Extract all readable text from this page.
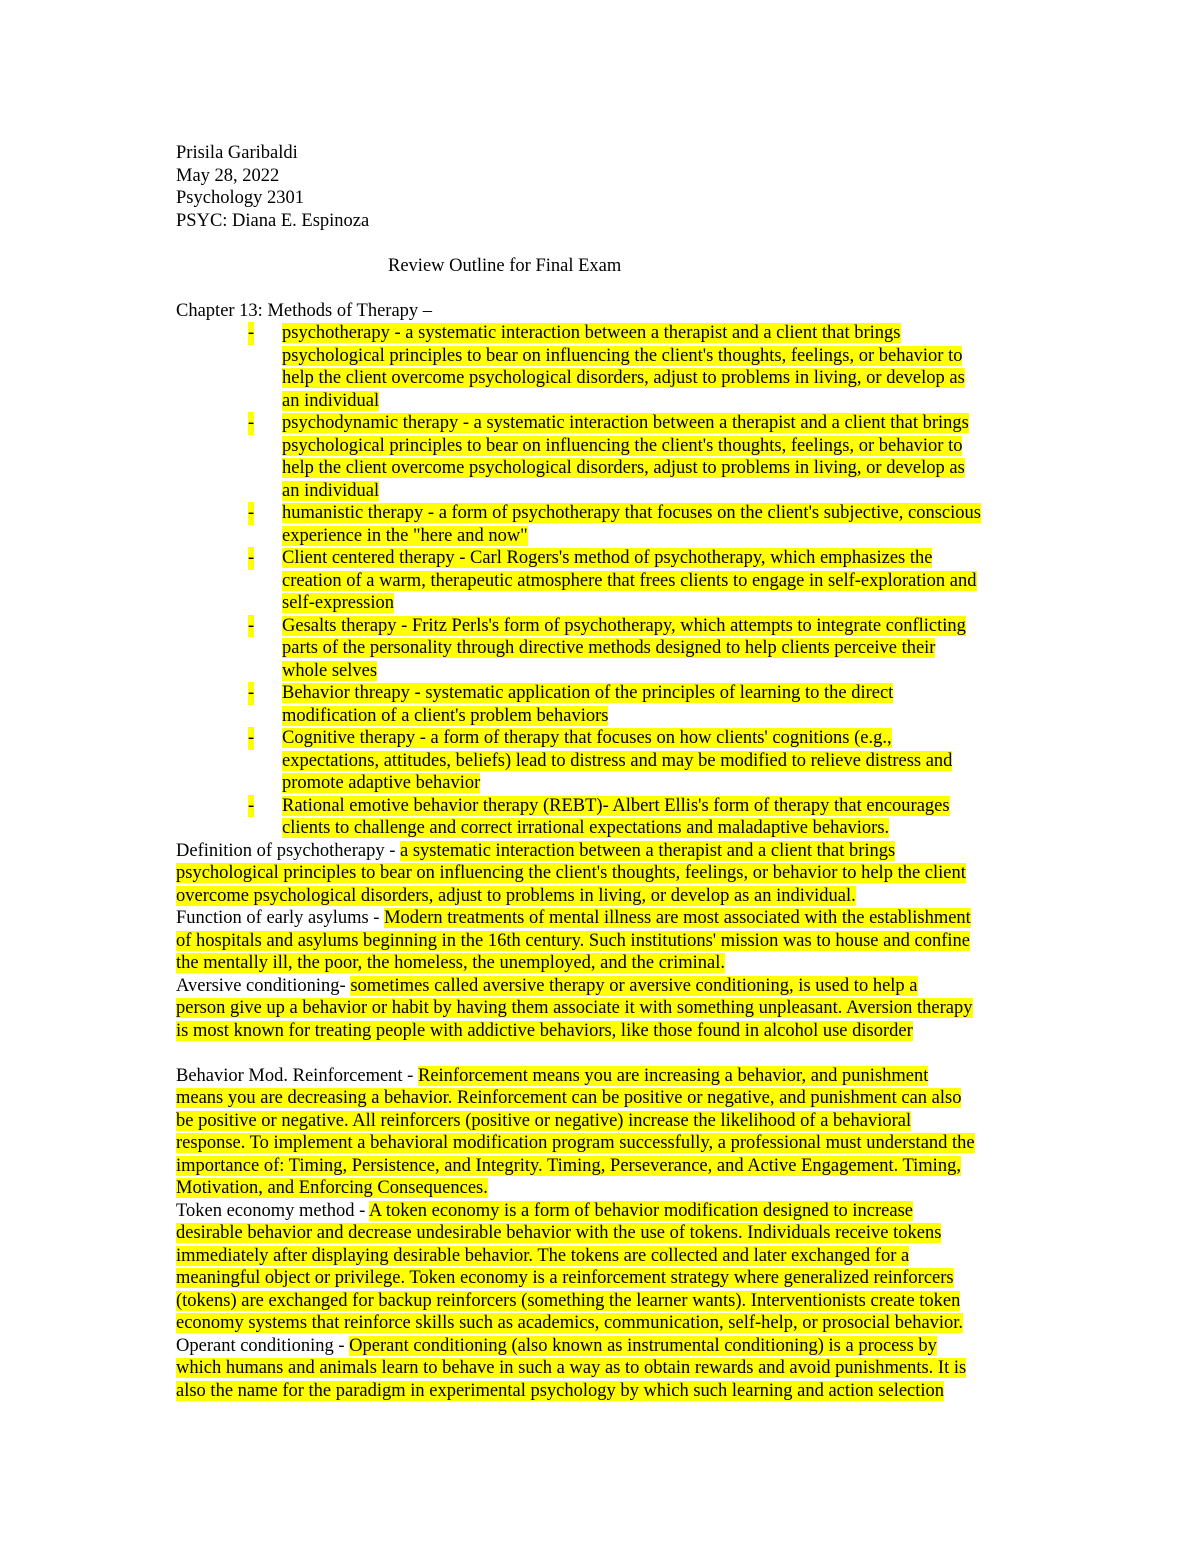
Prisila Garibaldi

May 28, 2022

Psychology 2301

PSYC: Diana E. Espinoza

Review Outline for Final Exam

Chapter 13: Methods of Therapy –

- psychotherapy - a systematic interaction between a therapist and a client that brings
psychological principles to bear on influencing the client's thoughts, feelings, or behavior to
help the client overcome psychological disorders, adjust to problems in living, or develop as
an individual
- psychodynamic therapy - a systematic interaction between a therapist and a client that brings
psychological principles to bear on influencing the client's thoughts, feelings, or behavior to
help the client overcome psychological disorders, adjust to problems in living, or develop as
an individual
- humanistic therapy - a form of psychotherapy that focuses on the client's subjective, conscious
experience in the "here and now"
- Client centered therapy - Carl Rogers's method of psychotherapy, which emphasizes the
creation of a warm, therapeutic atmosphere that frees clients to engage in self-exploration and
self-expression
- Gesalts therapy - Fritz Perls's form of psychotherapy, which attempts to integrate conflicting
parts of the personality through directive methods designed to help clients perceive their
whole selves
- Behavior threapy - systematic application of the principles of learning to the direct
modification of a client's problem behaviors
- Cognitive therapy - a form of therapy that focuses on how clients' cognitions (e.g.,
expectations, attitudes, beliefs) lead to distress and may be modified to relieve distress and
promote adaptive behavior
- Rational emotive behavior therapy (REBT)- Albert Ellis's form of therapy that encourages
clients to challenge and correct irrational expectations and maladaptive behaviors.
Definition of psychotherapy - a systematic interaction between a therapist and a client that brings
psychological principles to bear on influencing the client's thoughts, feelings, or behavior to help the client
overcome psychological disorders, adjust to problems in living, or develop as an individual.
Function of early asylums - Modern treatments of mental illness are most associated with the establishment
of hospitals and asylums beginning in the 16th century. Such institutions' mission was to house and confine
the mentally ill, the poor, the homeless, the unemployed, and the criminal.
Aversive conditioning- sometimes called aversive therapy or aversive conditioning, is used to help a
person give up a behavior or habit by having them associate it with something unpleasant. Aversion therapy
is most known for treating people with addictive behaviors, like those found in alcohol use disorder
Behavior Mod. Reinforcement - Reinforcement means you are increasing a behavior, and punishment
means you are decreasing a behavior. Reinforcement can be positive or negative, and punishment can also
be positive or negative. All reinforcers (positive or negative) increase the likelihood of a behavioral
response. To implement a behavioral modification program successfully, a professional must understand the
importance of: Timing, Persistence, and Integrity. Timing, Perseverance, and Active Engagement. Timing,
Motivation, and Enforcing Consequences.
Token economy method - A token economy is a form of behavior modification designed to increase
desirable behavior and decrease undesirable behavior with the use of tokens. Individuals receive tokens
immediately after displaying desirable behavior. The tokens are collected and later exchanged for a
meaningful object or privilege. Token economy is a reinforcement strategy where generalized reinforcers
(tokens) are exchanged for backup reinforcers (something the learner wants). Interventionists create token
economy systems that reinforce skills such as academics, communication, self-help, or prosocial behavior.
Operant conditioning - Operant conditioning (also known as instrumental conditioning) is a process by
which humans and animals learn to behave in such a way as to obtain rewards and avoid punishments. It is
also the name for the paradigm in experimental psychology by which such learning and action selection
